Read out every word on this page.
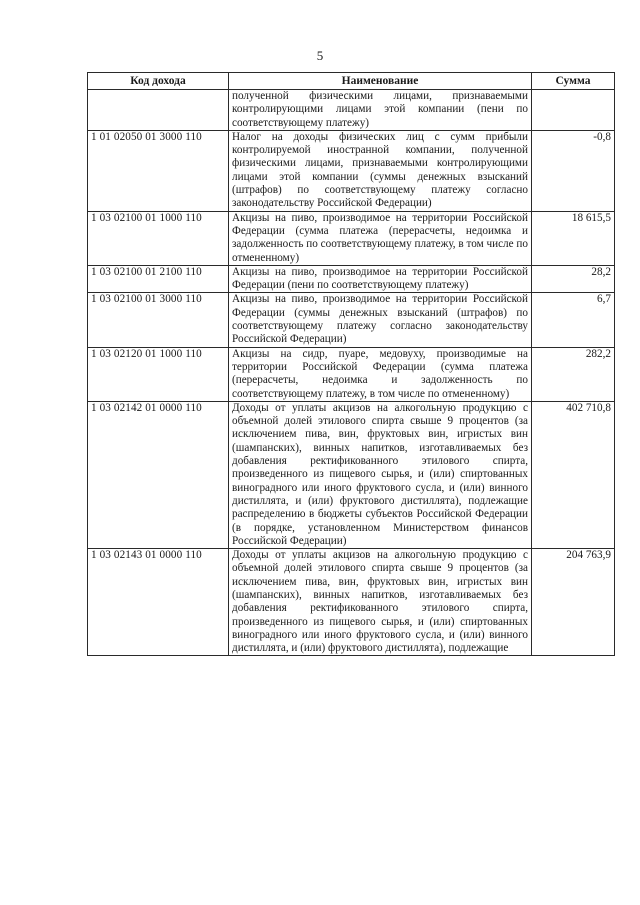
5
Код дохода	Наименование	Сумма
	полученной физическими лицами, признаваемыми контролирующими лицами этой компании (пени по соответствующему платежу)	
1 01 02050 01 3000 110	Налог на доходы физических лиц с сумм прибыли контролируемой иностранной компании, полученной физическими лицами, признаваемыми контролирующими лицами этой компании (суммы денежных взысканий (штрафов) по соответствующему платежу согласно законодательству Российской Федерации)	-0,8
1 03 02100 01 1000 110	Акцизы на пиво, производимое на территории Российской Федерации (сумма платежа (перерасчеты, недоимка и задолженность по соответствующему платежу, в том числе по отмененному)	18 615,5
1 03 02100 01 2100 110	Акцизы на пиво, производимое на территории Российской Федерации (пени по соответствующему платежу)	28,2
1 03 02100 01 3000 110	Акцизы на пиво, производимое на территории Российской Федерации (суммы денежных взысканий (штрафов) по соответствующему платежу согласно законодательству Российской Федерации)	6,7
1 03 02120 01 1000 110	Акцизы на сидр, пуаре, медовуху, производимые на территории Российской Федерации (сумма платежа (перерасчеты, недоимка и задолженность по соответствующему платежу, в том числе по отмененному)	282,2
1 03 02142 01 0000 110	Доходы от уплаты акцизов на алкогольную продукцию с объемной долей этилового спирта свыше 9 процентов (за исключением пива, вин, фруктовых вин, игристых вин (шампанских), винных напитков, изготавливаемых без добавления ректификованного этилового спирта, произведенного из пищевого сырья, и (или) спиртованных виноградного или иного фруктового сусла, и (или) винного дистиллята, и (или) фруктового дистиллята), подлежащие распределению в бюджеты субъектов Российской Федерации (в порядке, установленном Министерством финансов Российской Федерации)	402 710,8
1 03 02143 01 0000 110	Доходы от уплаты акцизов на алкогольную продукцию с объемной долей этилового спирта свыше 9 процентов (за исключением пива, вин, фруктовых вин, игристых вин (шампанских), винных напитков, изготавливаемых без добавления ректификованного этилового спирта, произведенного из пищевого сырья, и (или) спиртованных виноградного или иного фруктового сусла, и (или) винного дистиллята, и (или) фруктового дистиллята), подлежащие	204 763,9
